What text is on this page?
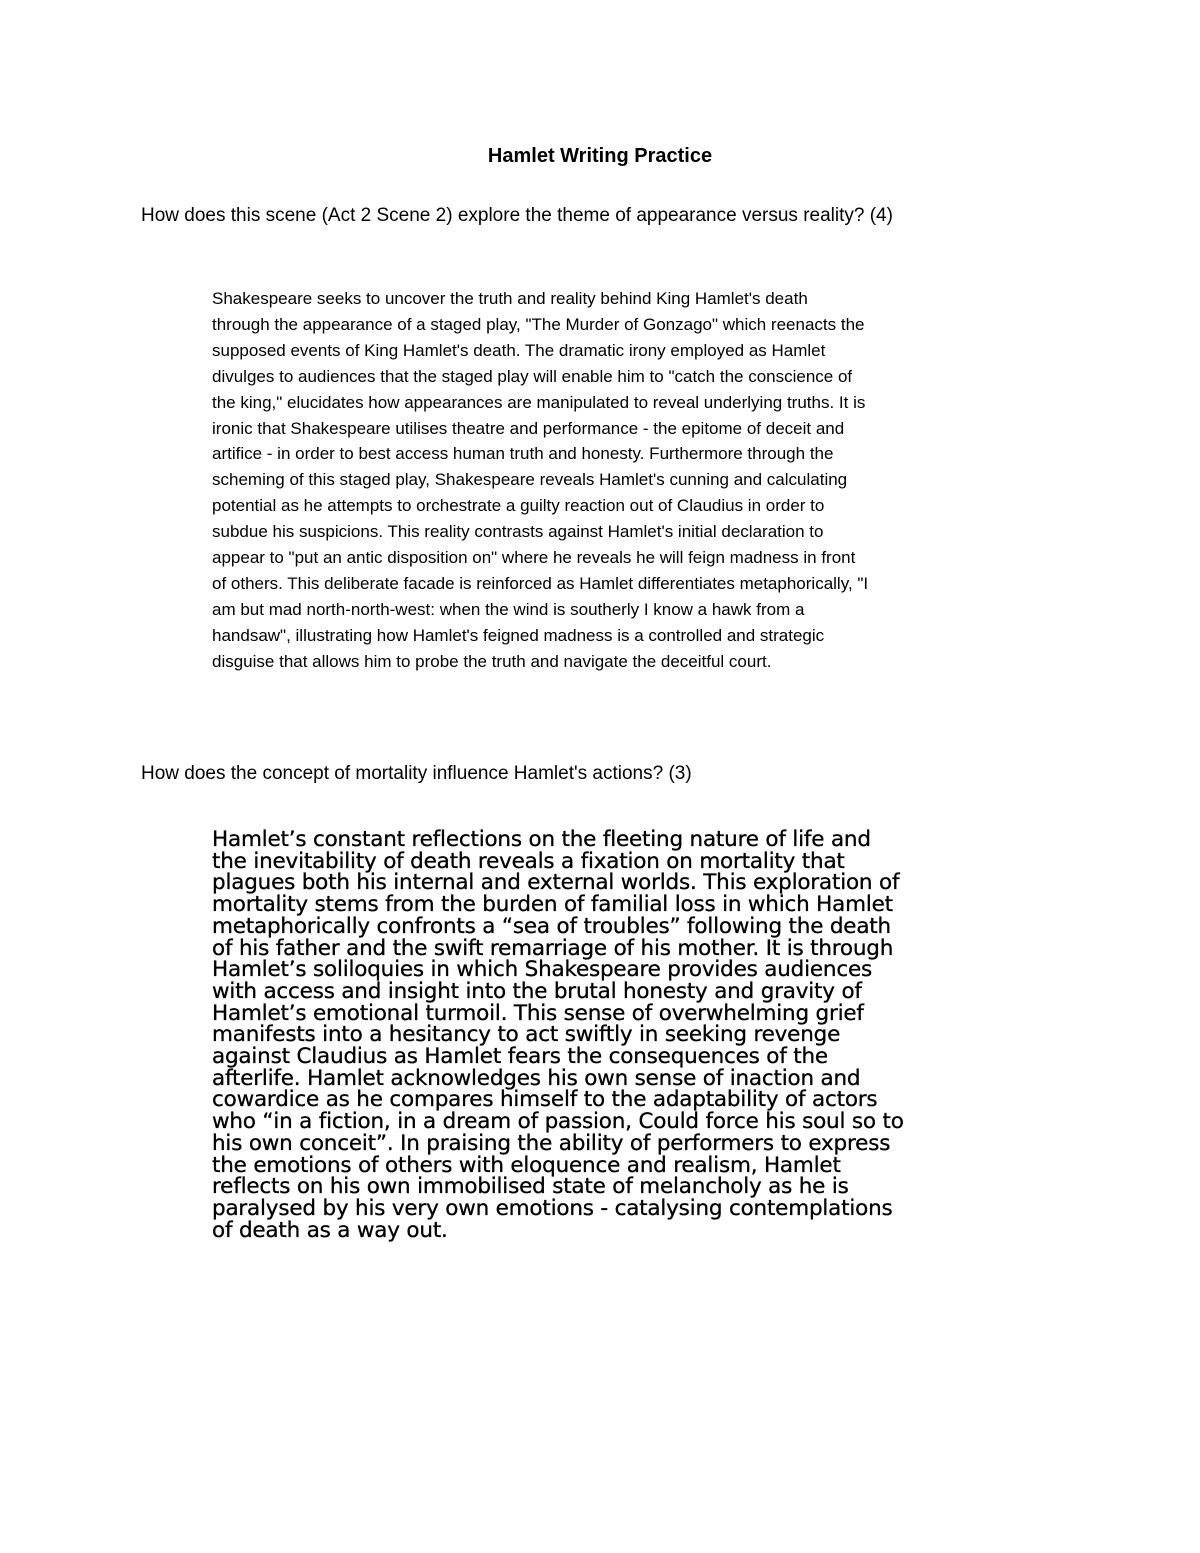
Hamlet Writing Practice

How does this scene (Act 2 Scene 2) explore the theme of appearance versus reality? (4)

Shakespeare seeks to uncover the truth and reality behind King Hamlet's death
through the appearance of a staged play, "The Murder of Gonzago" which reenacts the
supposed events of King Hamlet's death. The dramatic irony employed as Hamlet
divulges to audiences that the staged play will enable him to "catch the conscience of
the king," elucidates how appearances are manipulated to reveal underlying truths. It is
ironic that Shakespeare utilises theatre and performance - the epitome of deceit and
artifice - in order to best access human truth and honesty. Furthermore through the
scheming of this staged play, Shakespeare reveals Hamlet's cunning and calculating
potential as he attempts to orchestrate a guilty reaction out of Claudius in order to
subdue his suspicions. This reality contrasts against Hamlet's initial declaration to
appear to "put an antic disposition on" where he reveals he will feign madness in front
of others. This deliberate facade is reinforced as Hamlet differentiates metaphorically, "I
am but mad north-north-west: when the wind is southerly I know a hawk from a
handsaw", illustrating how Hamlet's feigned madness is a controlled and strategic
disguise that allows him to probe the truth and navigate the deceitful court.

How does the concept of mortality influence Hamlet's actions? (3)

Hamlet’s constant reflections on the fleeting nature of life and
the inevitability of death reveals a fixation on mortality that
plagues both his internal and external worlds. This exploration of
mortality stems from the burden of familial loss in which Hamlet
metaphorically confronts a “sea of troubles” following the death
of his father and the swift remarriage of his mother. It is through
Hamlet’s soliloquies in which Shakespeare provides audiences
with access and insight into the brutal honesty and gravity of
Hamlet’s emotional turmoil. This sense of overwhelming grief
manifests into a hesitancy to act swiftly in seeking revenge
against Claudius as Hamlet fears the consequences of the
afterlife. Hamlet acknowledges his own sense of inaction and
cowardice as he compares himself to the adaptability of actors
who “in a fiction, in a dream of passion, Could force his soul so to
his own conceit”. In praising the ability of performers to express
the emotions of others with eloquence and realism, Hamlet
reflects on his own immobilised state of melancholy as he is
paralysed by his very own emotions - catalysing contemplations
of death as a way out.
